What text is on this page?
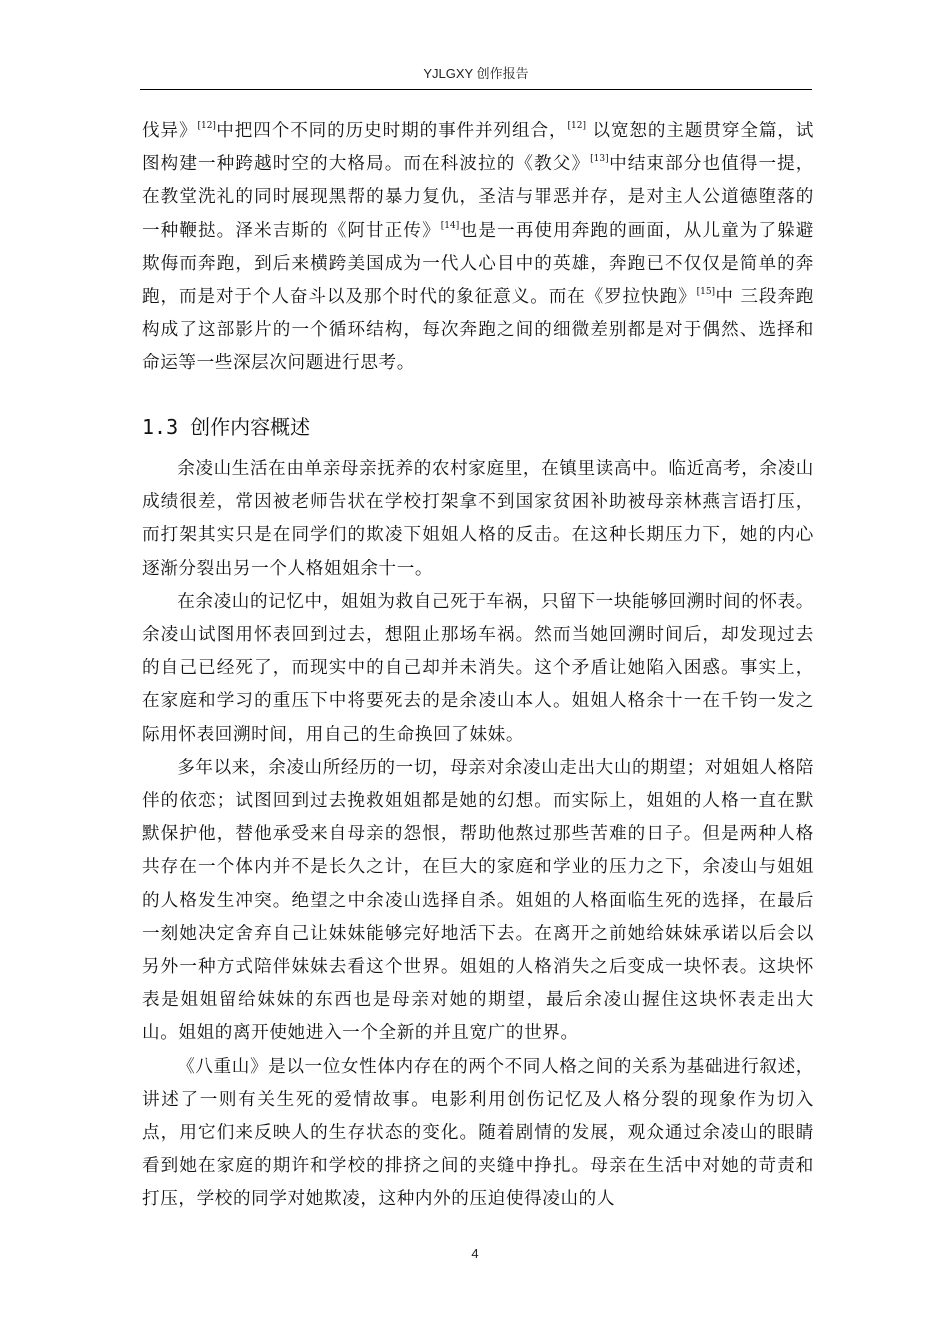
YJLGXY 创作报告

伐异》[12]中把四个不同的历史时期的事件并列组合，[12] 以宽恕的主题贯穿全篇，试图构建一种跨越时空的大格局。而在科波拉的《教父》[13]中结束部分也值得一提，在教堂洗礼的同时展现黑帮的暴力复仇，圣洁与罪恶并存，是对主人公道德堕落的一种鞭挞。泽米吉斯的《阿甘正传》[14]也是一再使用奔跑的画面，从儿童为了躲避欺侮而奔跑，到后来横跨美国成为一代人心目中的英雄，奔跑已不仅仅是简单的奔跑，而是对于个人奋斗以及那个时代的象征意义。而在《罗拉快跑》[15]中 三段奔跑构成了这部影片的一个循环结构，每次奔跑之间的细微差别都是对于偶然、选择和命运等一些深层次问题进行思考。

1.3 创作内容概述

余凌山生活在由单亲母亲抚养的农村家庭里，在镇里读高中。临近高考，余凌山成绩很差，常因被老师告状在学校打架拿不到国家贫困补助被母亲林燕言语打压，而打架其实只是在同学们的欺凌下姐姐人格的反击。在这种长期压力下，她的内心逐渐分裂出另一个人格姐姐余十一。

在余凌山的记忆中，姐姐为救自己死于车祸，只留下一块能够回溯时间的怀表。余凌山试图用怀表回到过去，想阻止那场车祸。然而当她回溯时间后，却发现过去的自己已经死了，而现实中的自己却并未消失。这个矛盾让她陷入困惑。事实上，在家庭和学习的重压下中将要死去的是余凌山本人。姐姐人格余十一在千钧一发之际用怀表回溯时间，用自己的生命换回了妹妹。

多年以来，余凌山所经历的一切，母亲对余凌山走出大山的期望；对姐姐人格陪伴的依恋；试图回到过去挽救姐姐都是她的幻想。而实际上，姐姐的人格一直在默默保护他，替他承受来自母亲的怨恨，帮助他熬过那些苦难的日子。但是两种人格共存在一个体内并不是长久之计，在巨大的家庭和学业的压力之下，余凌山与姐姐的人格发生冲突。绝望之中余凌山选择自杀。姐姐的人格面临生死的选择，在最后一刻她决定舍弃自己让妹妹能够完好地活下去。在离开之前她给妹妹承诺以后会以另外一种方式陪伴妹妹去看这个世界。姐姐的人格消失之后变成一块怀表。这块怀表是姐姐留给妹妹的东西也是母亲对她的期望，最后余凌山握住这块怀表走出大山。姐姐的离开使她进入一个全新的并且宽广的世界。

《八重山》是以一位女性体内存在的两个不同人格之间的关系为基础进行叙述，讲述了一则有关生死的爱情故事。电影利用创伤记忆及人格分裂的现象作为切入点，用它们来反映人的生存状态的变化。随着剧情的发展，观众通过余凌山的眼睛看到她在家庭的期许和学校的排挤之间的夹缝中挣扎。母亲在生活中对她的苛责和打压，学校的同学对她欺凌，这种内外的压迫使得凌山的人

4
